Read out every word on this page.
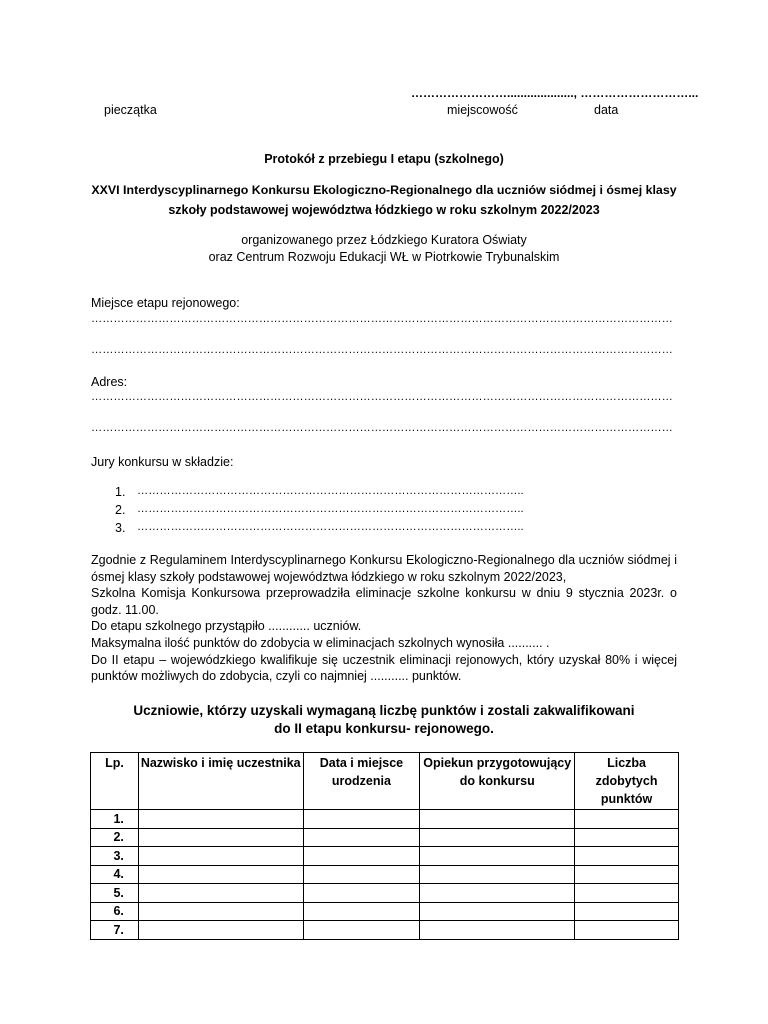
……………………...................., ………………………...
pieczątka	miejscowość	data
Protokół z przebiegu I etapu (szkolnego)
XXVI Interdyscyplinarnego Konkursu Ekologiczno-Regionalnego dla uczniów siódmej i ósmej klasy
szkoły podstawowej województwa łódzkiego w roku szkolnym 2022/2023
organizowanego przez Łódzkiego Kuratora Oświaty
oraz Centrum Rozwoju Edukacji WŁ w Piotrkowie Trybunalskim
Miejsce etapu rejonowego:
…………………………………………………………………………………………………………………………………………
…………………………………………………………………………………………………………………………………………
Adres:
…………………………………………………………………………………………………………………………………………
…………………………………………………………………………………………………………………………………………
Jury konkursu w składzie:
1. …………………………………………………………………………………………..
2. …………………………………………………………………………………………..
3. …………………………………………………………………………………………..

Zgodnie z Regulaminem Interdyscyplinarnego Konkursu Ekologiczno-Regionalnego dla uczniów siódmej i ósmej klasy szkoły podstawowej województwa łódzkiego w roku szkolnym 2022/2023,

Szkolna Komisja Konkursowa przeprowadziła eliminacje szkolne konkursu w dniu 9 stycznia 2023r. o godz. 11.00.

Do etapu szkolnego przystąpiło ............ uczniów.

Maksymalna ilość punktów do zdobycia w eliminacjach szkolnych wynosiła .......... .

Do II etapu – wojewódzkiego kwalifikuje się uczestnik eliminacji rejonowych, który uzyskał 80% i więcej punktów możliwych do zdobycia, czyli co najmniej ........... punktów.

Uczniowie, którzy uzyskali wymaganą liczbę punktów i zostali zakwalifikowani
do II etapu konkursu- rejonowego.
Lp.	Nazwisko i imię uczestnika	Data i miejsce urodzenia	Opiekun przygotowujący do konkursu	Liczba zdobytych punktów
1.				
2.				
3.				
4.				
5.				
6.				
7.				
